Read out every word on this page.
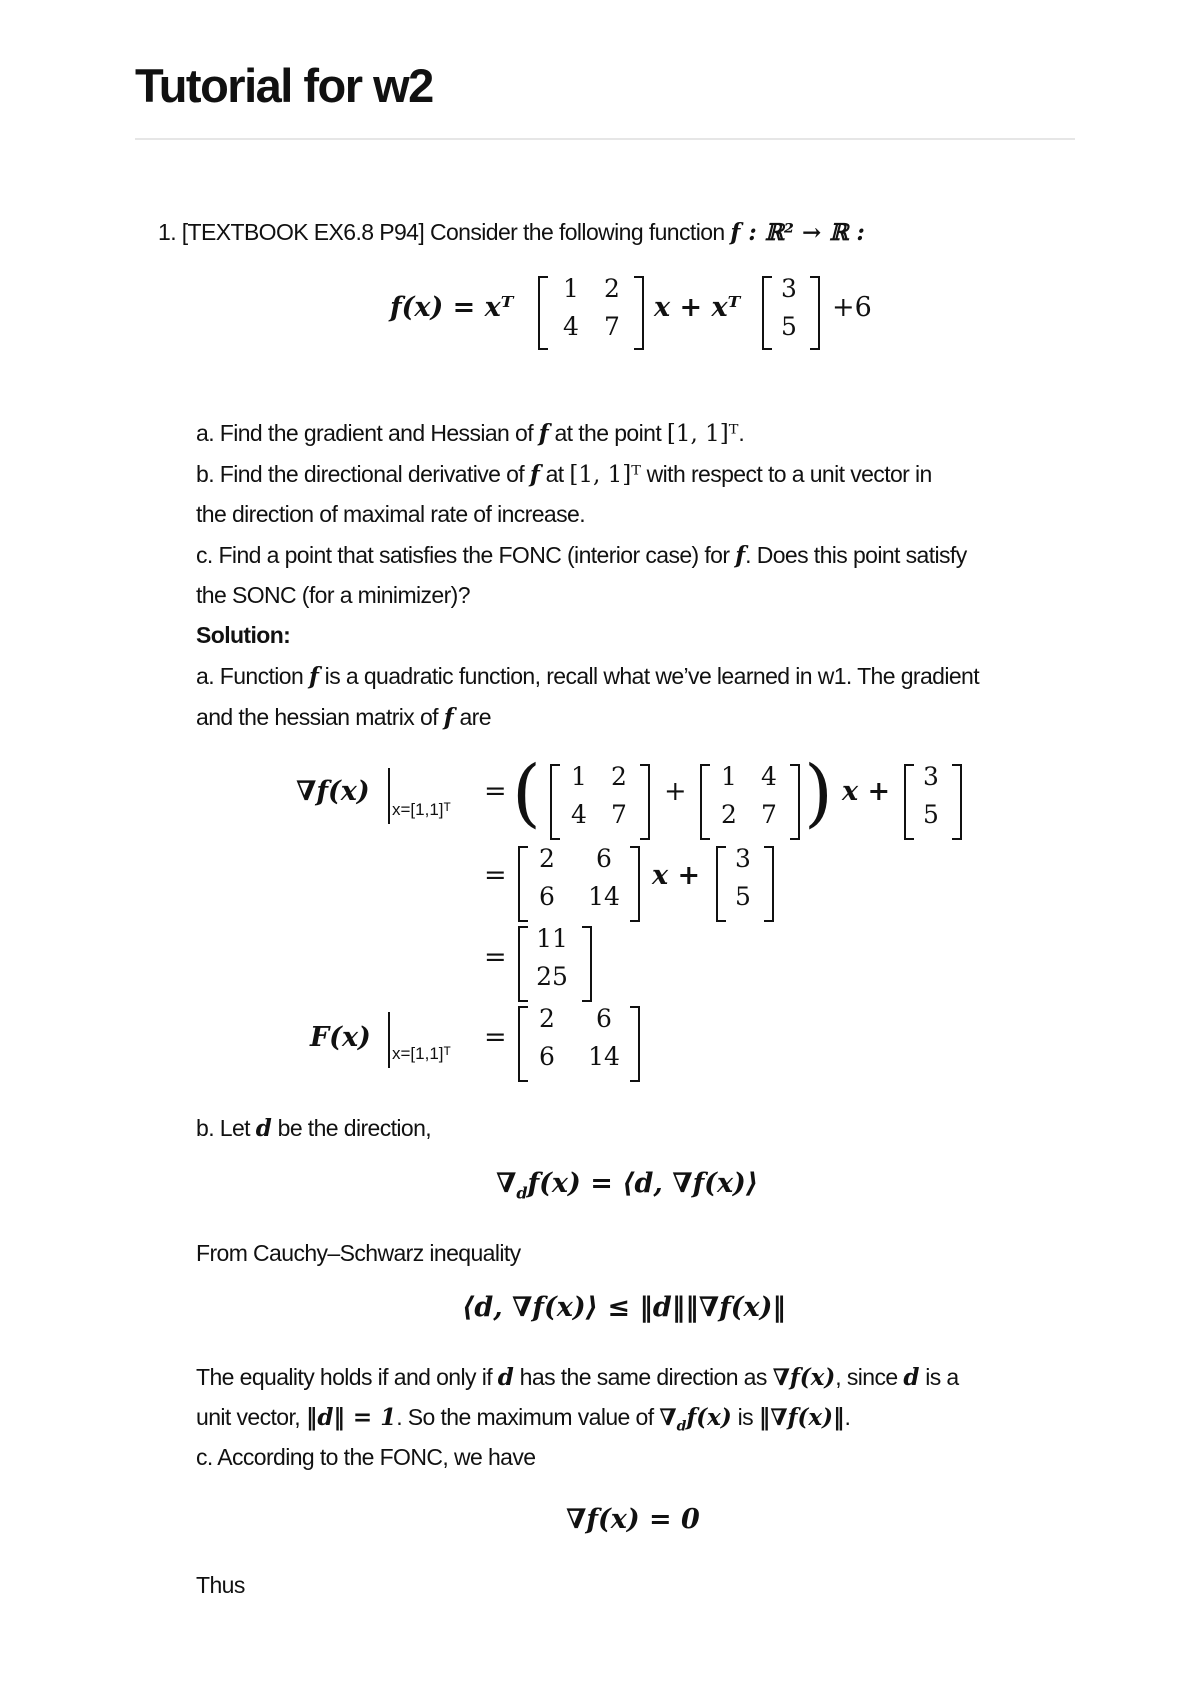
Tutorial for w2
1. [TEXTBOOK EX6.8 P94] Consider the following function f : ℝ² → ℝ :
f(x) = xᵀ
1 2
4 7
x + xᵀ
3
5
+6
a. Find the gradient and Hessian of f at the point [1, 1]ᵀ.
b. Find the directional derivative of f at [1, 1]ᵀ with respect to a unit vector in
the direction of maximal rate of increase.
c. Find a point that satisfies the FONC (interior case) for f. Does this point satisfy
the SONC (for a minimizer)?
Solution:
a. Function f is a quadratic function, recall what we’ve learned in w1. The gradient
and the hessian matrix of f are
∇f(x)
x=[1,1]ᵀ
= ( 1 2
4 7
+ 1 4
2 7 ) x + 3
5
=
2	6
6 14
x +
3
5
=
11
25
F(x)
x=[1,1]ᵀ
=
2	6
6 14
b. Let d be the direction,
$\nabla_df(x)$ = ⟨d, ∇f(x)⟩
From Cauchy–Schwarz inequality
⟨d, ∇f(x)⟩ ≤ ‖d‖‖∇f(x)‖
The equality holds if and only if d has the same direction as ∇f(x), since d is a
unit vector, ‖d‖ = 1. So the maximum value of $\nabla_df(x)$ is ‖∇f(x)‖.
c. According to the FONC, we have
∇f(x) = 0
Thus
